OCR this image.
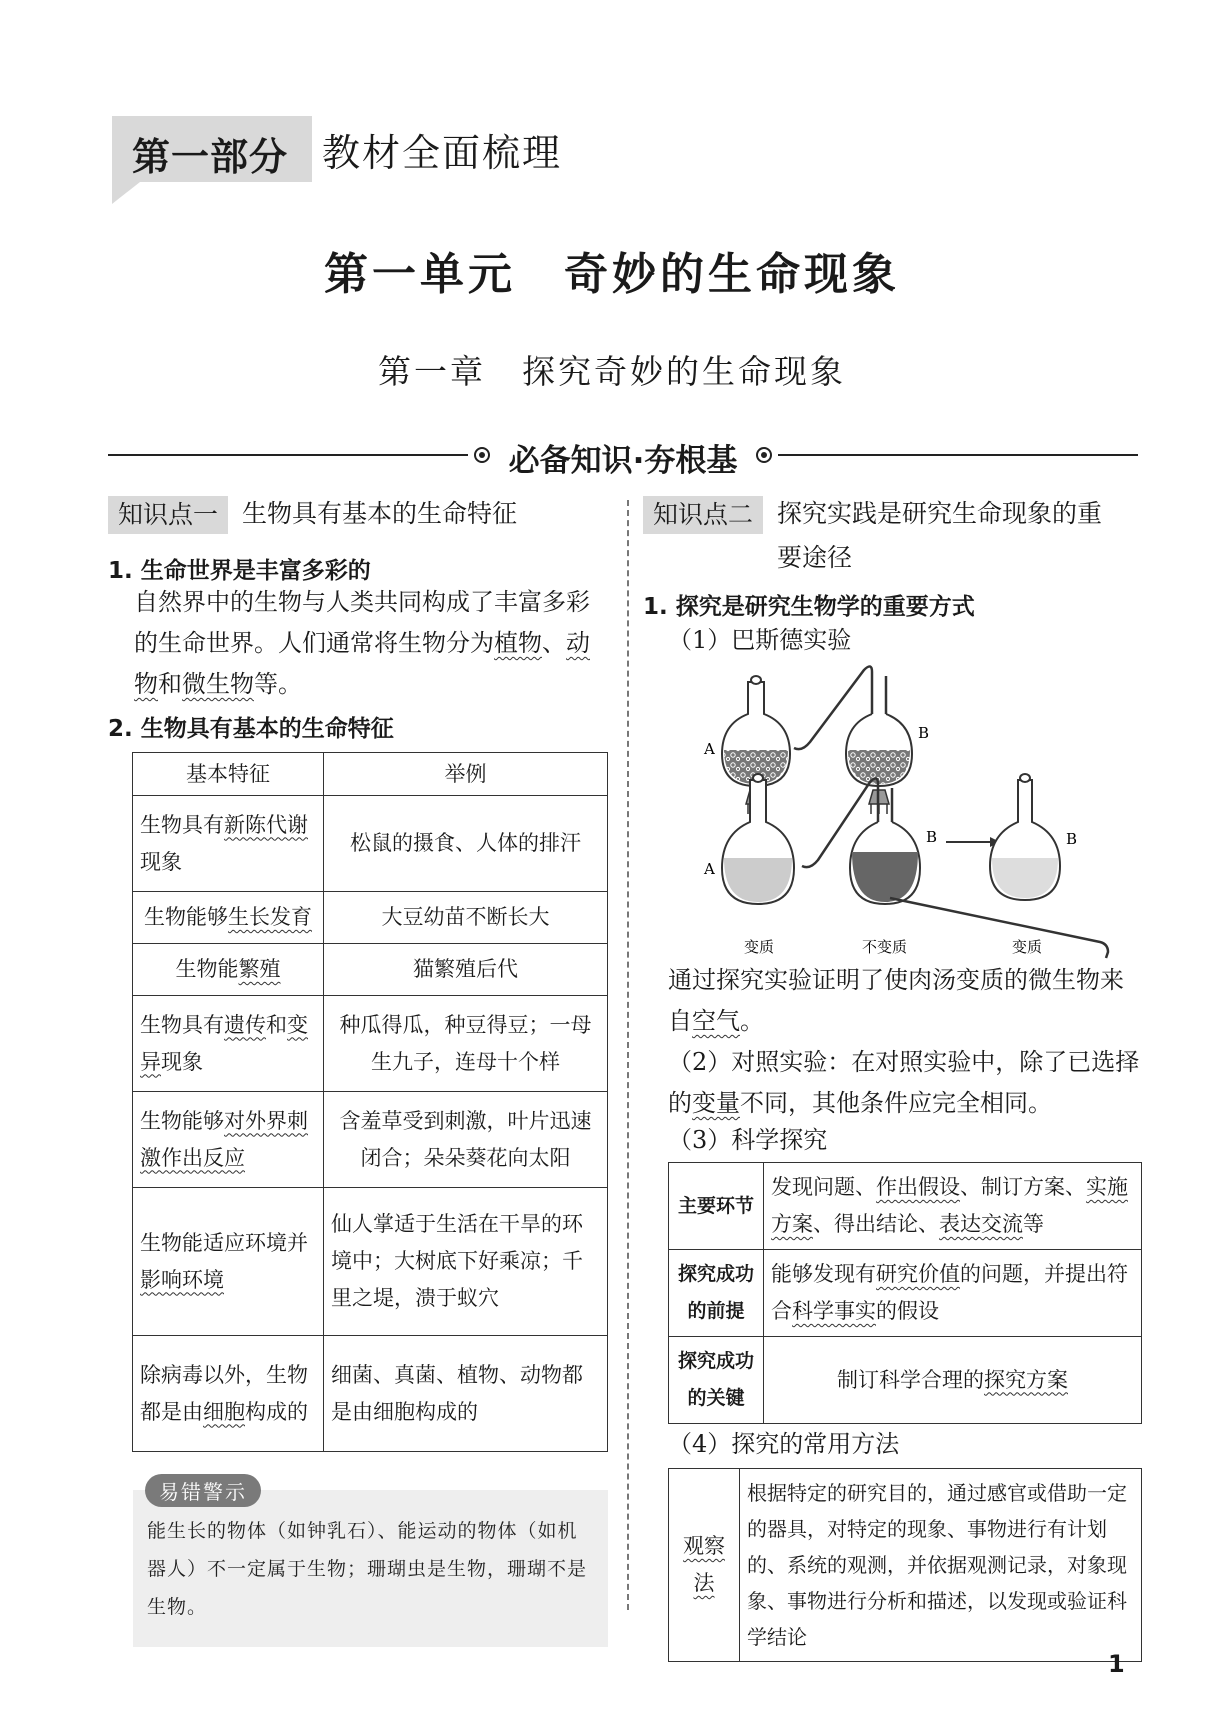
第一部分 教材全面梳理
第一单元　奇妙的生命现象
第一章　探究奇妙的生命现象
必备知识·夯根基
知识点一 生物具有基本的生命特征
1. 生命世界是丰富多彩的
自然界中的生物与人类共同构成了丰富多彩的生命世界。人们通常将生物分为植物、动物和微生物等。
2. 生物具有基本的生命特征
基本特征	举例
生物具有新陈代谢现象	松鼠的摄食、人体的排汗
生物能够生长发育	大豆幼苗不断长大
生物能繁殖	猫繁殖后代
生物具有遗传和变异现象	种瓜得瓜，种豆得豆；一母生九子，连母十个样
生物能够对外界刺激作出反应	含羞草受到刺激，叶片迅速闭合；朵朵葵花向太阳
生物能适应环境并影响环境	仙人掌适于生活在干旱的环境中；大树底下好乘凉；千里之堤，溃于蚁穴
除病毒以外，生物都是由细胞构成的	细菌、真菌、植物、动物都是由细胞构成的
易错警示
能生长的物体（如钟乳石）、能运动的物体（如机器人）不一定属于生物；珊瑚虫是生物，珊瑚不是生物。
知识点二 探究实践是研究生命现象的重
要途径
1. 探究是研究生物学的重要方式
（1）巴斯德实验
A
B
A
变质
B
不变质
B
变质
通过探究实验证明了使肉汤变质的微生物来自空气。
（2）对照实验：在对照实验中，除了已选择的变量不同，其他条件应完全相同。
（3）科学探究
主要环节	发现问题、作出假设、制订方案、实施方案、得出结论、表达交流等
探究成功的前提	能够发现有研究价值的问题，并提出符合科学事实的假设
探究成功的关键	制订科学合理的探究方案
（4）探究的常用方法
观察法	根据特定的研究目的，通过感官或借助一定的器具，对特定的现象、事物进行有计划的、系统的观测，并依据观测记录，对象现象、事物进行分析和描述，以发现或验证科学结论
1
